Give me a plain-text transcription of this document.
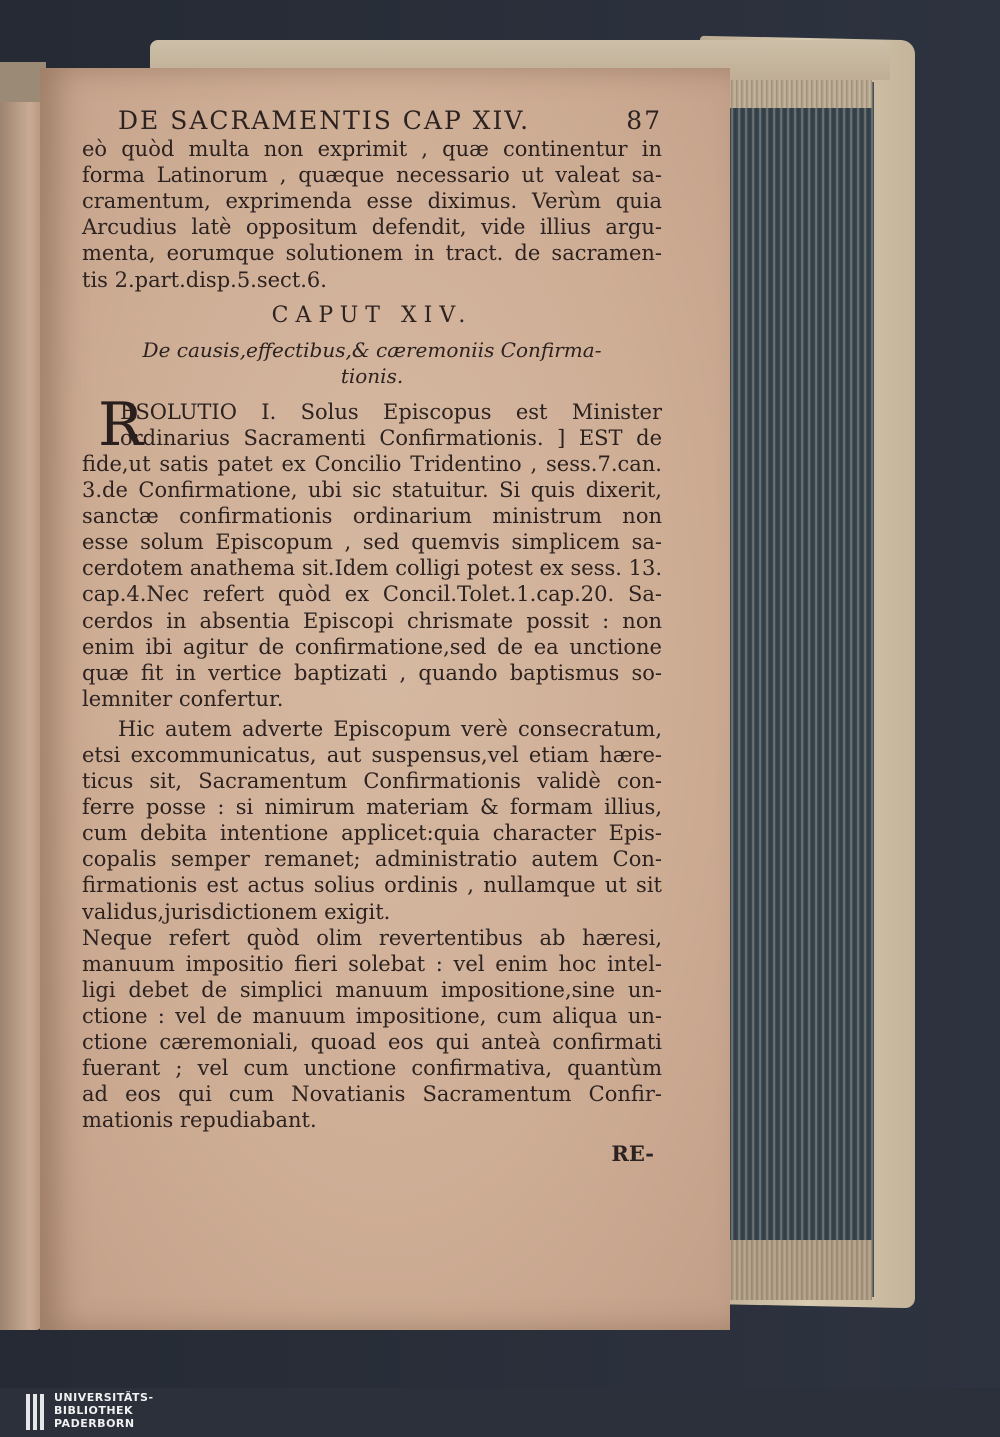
DE SACRAMENTIS CAP XIV.	87
eò quòd multa non exprimit , quæ continentur in
forma Latinorum , quæque necessario ut valeat sa-
cramentum, exprimenda esse diximus. Verùm quia
Arcudius latè oppositum defendit, vide illius argu-
menta, eorumque solutionem in tract. de sacramen-
tis 2.part.disp.5.sect.6.
CAPUT XIV.
De causis,effectibus,& cæremoniis Confirma-
tionis.
R
ESOLUTIO I. Solus Episcopus est Minister
ordinarius Sacramenti Confirmationis. ] EST de
fide,ut satis patet ex Concilio Tridentino , sess.7.can.
3.de Confirmatione, ubi sic statuitur. Si quis dixerit,
sanctæ confirmationis ordinarium ministrum non
esse solum Episcopum , sed quemvis simplicem sa-
cerdotem anathema sit.Idem colligi potest ex sess. 13.
cap.4.Nec refert quòd ex Concil.Tolet.1.cap.20. Sa-
cerdos in absentia Episcopi chrismate possit : non
enim ibi agitur de confirmatione,sed de ea unctione
quæ fit in vertice baptizati , quando baptismus so-
lemniter confertur.
Hic autem adverte Episcopum verè consecratum,
etsi excommunicatus, aut suspensus,vel etiam hære-
ticus sit, Sacramentum Confirmationis validè con-
ferre posse : si nimirum materiam & formam illius,
cum debita intentione applicet:quia character Epis-
copalis semper remanet; administratio autem Con-
firmationis est actus solius ordinis , nullamque ut sit
validus,jurisdictionem exigit.
Neque refert quòd olim revertentibus ab hæresi,
manuum impositio fieri solebat : vel enim hoc intel-
ligi debet de simplici manuum impositione,sine un-
ctione : vel de manuum impositione, cum aliqua un-
ctione cæremoniali, quoad eos qui anteà confirmati
fuerant ; vel cum unctione confirmativa, quantùm
ad eos qui cum Novatianis Sacramentum Confir-
mationis repudiabant.
RE-
UNIVERSITÄTS-
BIBLIOTHEK
PADERBORN
